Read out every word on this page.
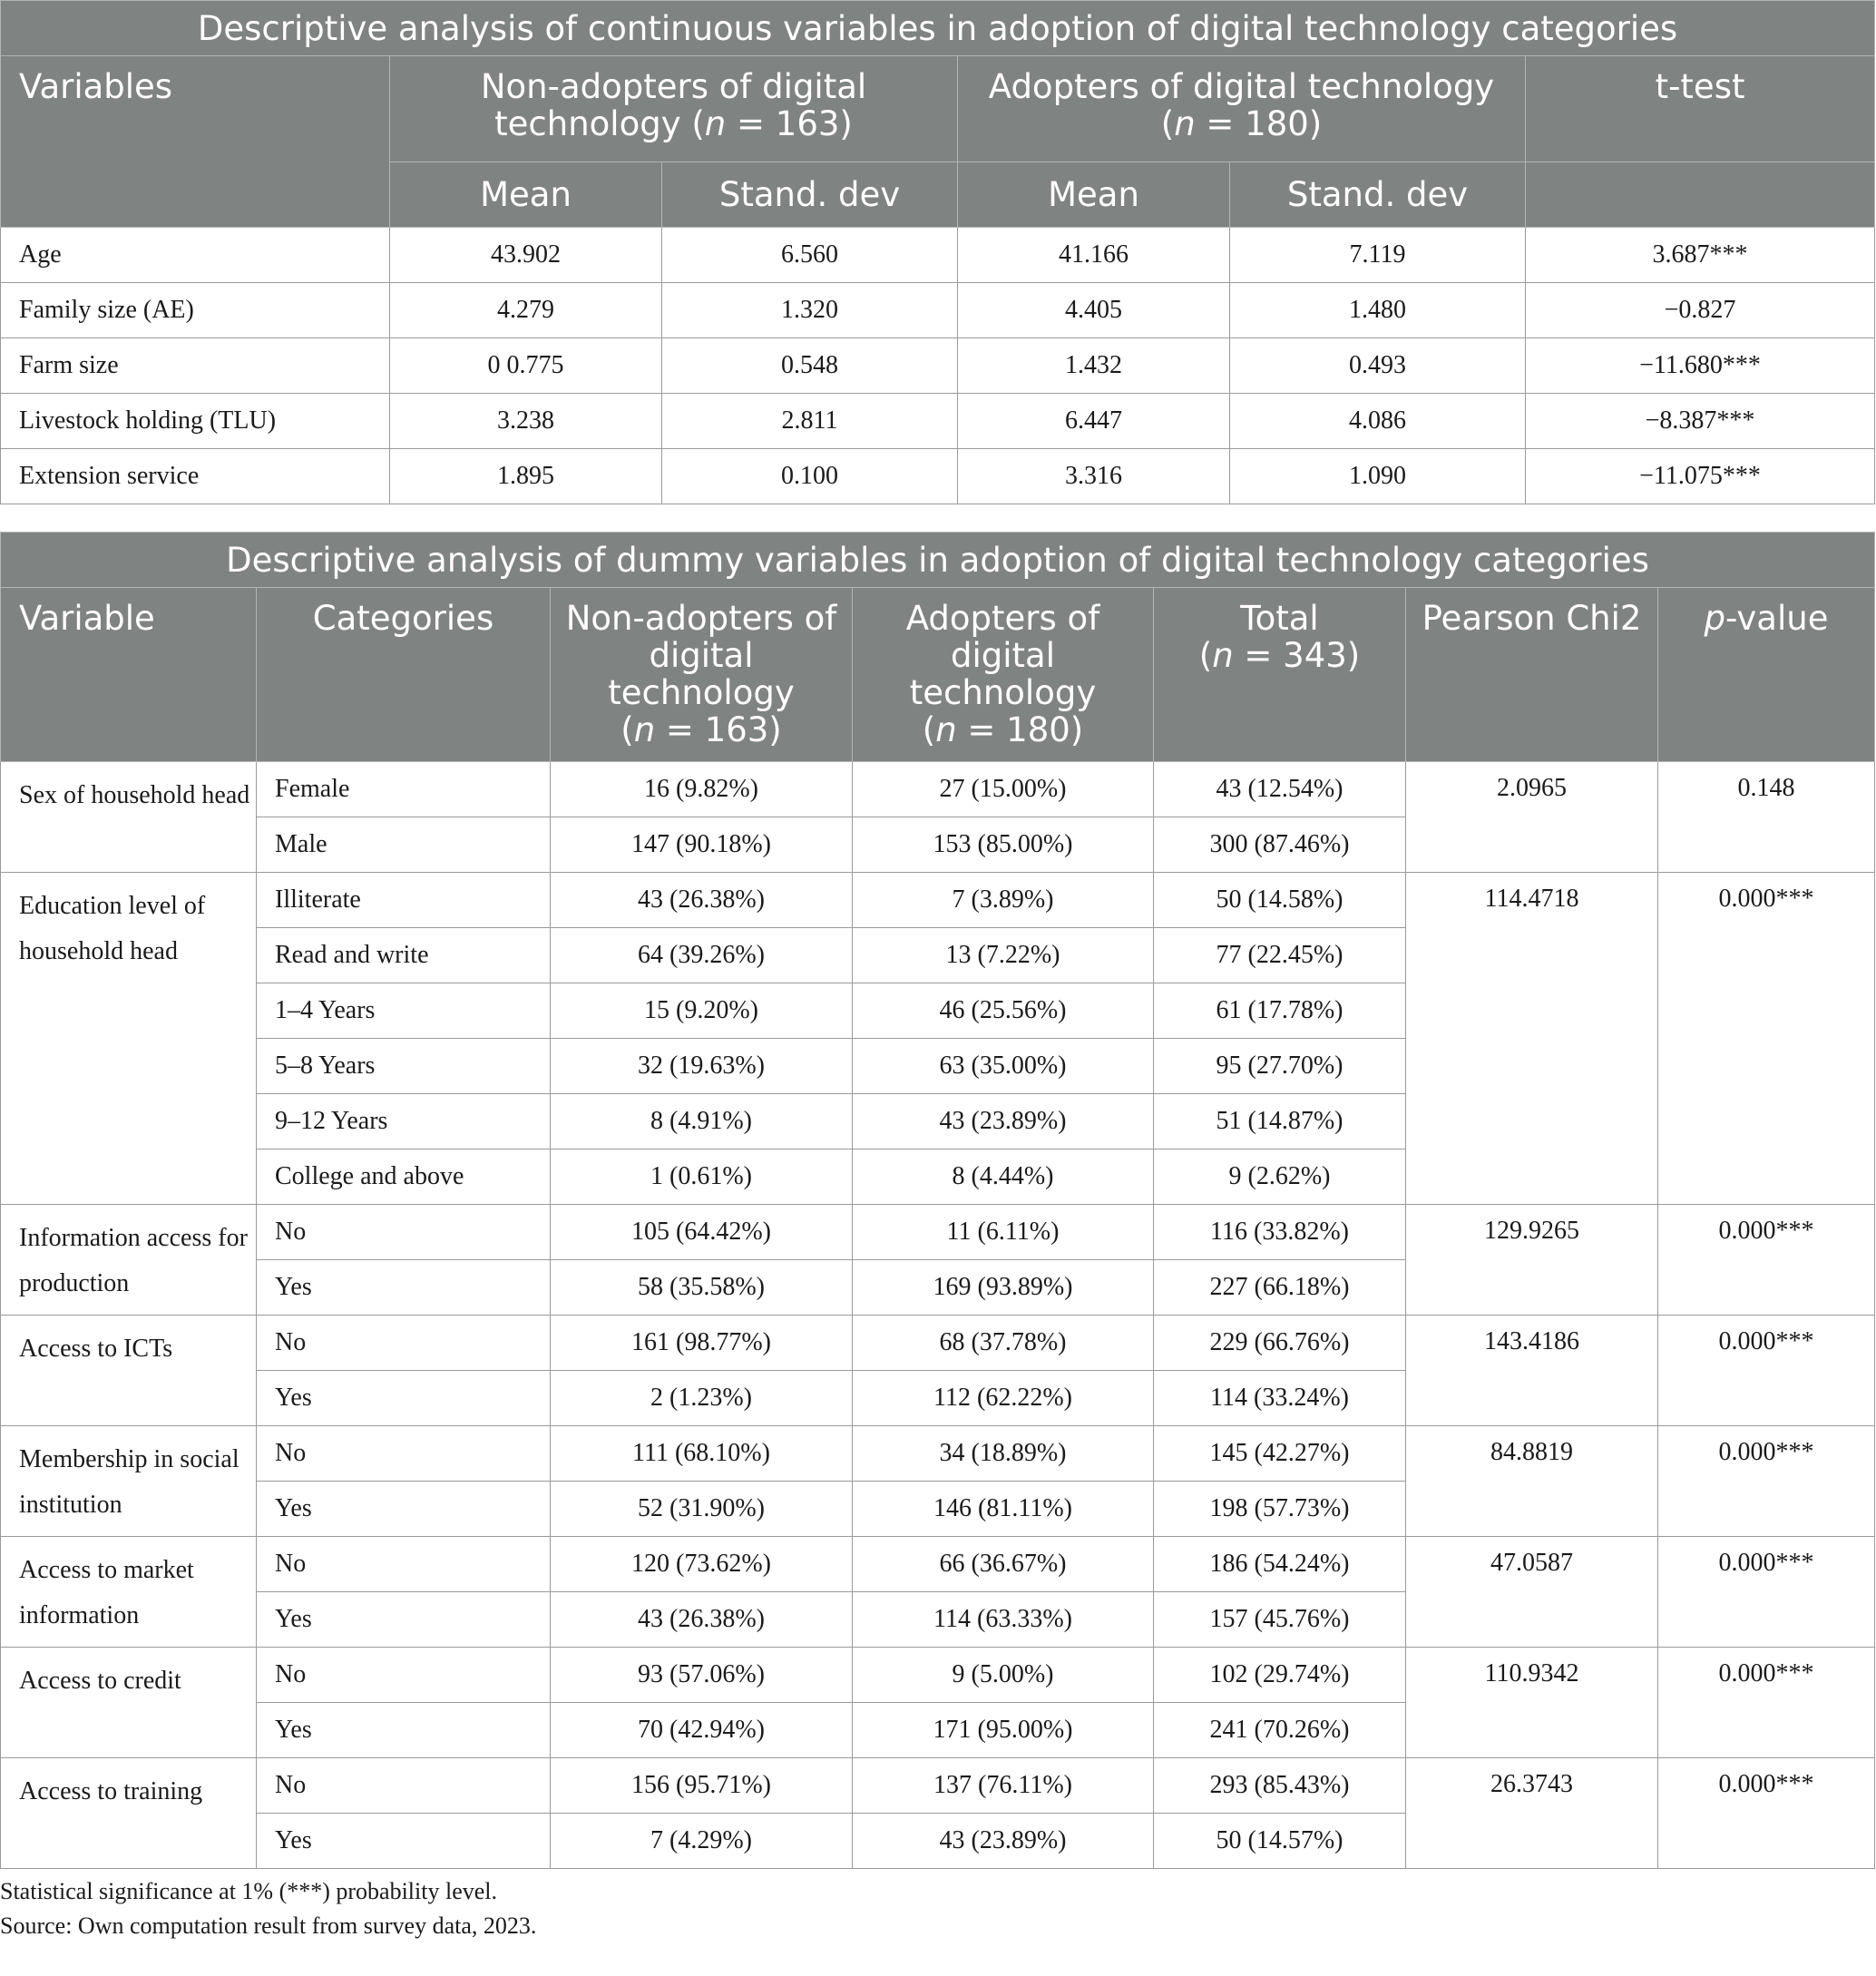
Descriptive analysis of continuous variables in adoption of digital technology categories					
Variables	Non-adopters of digital technology (n = 163)		Adopters of digital technology
(n = 180)		t-test
	Mean	Stand. dev	Mean	Stand. dev	
Age	43.902	6.560	41.166	7.119	3.687***
Family size (AE)	4.279	1.320	4.405	1.480	−0.827
Farm size	0 0.775	0.548	1.432	0.493	−11.680***
Livestock holding (TLU)	3.238	2.811	6.447	4.086	−8.387***
Extension service	1.895	0.100	3.316	1.090	−11.075***
Descriptive analysis of dummy variables in adoption of digital technology categories						
Variable	Categories	Non-adopters of
digital
technology
(n = 163)	Adopters of
digital
technology
(n = 180)	Total
(n = 343)	Pearson Chi2	p-value
Sex of household head	Female	16 (9.82%)	27 (15.00%)	43 (12.54%)	2.0965	0.148
	Male	147 (90.18%)	153 (85.00%)	300 (87.46%)		
Education level of household head	Illiterate	43 (26.38%)	7 (3.89%)	50 (14.58%)	114.4718	0.000***
	Read and write	64 (39.26%)	13 (7.22%)	77 (22.45%)		
	1–4 Years	15 (9.20%)	46 (25.56%)	61 (17.78%)		
	5–8 Years	32 (19.63%)	63 (35.00%)	95 (27.70%)		
	9–12 Years	8 (4.91%)	43 (23.89%)	51 (14.87%)		
	College and above	1 (0.61%)	8 (4.44%)	9 (2.62%)		
Information access for production	No	105 (64.42%)	11 (6.11%)	116 (33.82%)	129.9265	0.000***
	Yes	58 (35.58%)	169 (93.89%)	227 (66.18%)		
Access to ICTs	No	161 (98.77%)	68 (37.78%)	229 (66.76%)	143.4186	0.000***
	Yes	2 (1.23%)	112 (62.22%)	114 (33.24%)		
Membership in social institution	No	111 (68.10%)	34 (18.89%)	145 (42.27%)	84.8819	0.000***
	Yes	52 (31.90%)	146 (81.11%)	198 (57.73%)		
Access to market information	No	120 (73.62%)	66 (36.67%)	186 (54.24%)	47.0587	0.000***
	Yes	43 (26.38%)	114 (63.33%)	157 (45.76%)		
Access to credit	No	93 (57.06%)	9 (5.00%)	102 (29.74%)	110.9342	0.000***
	Yes	70 (42.94%)	171 (95.00%)	241 (70.26%)		
Access to training	No	156 (95.71%)	137 (76.11%)	293 (85.43%)	26.3743	0.000***
	Yes	7 (4.29%)	43 (23.89%)	50 (14.57%)		
Statistical significance at 1% (***) probability level.
Source: Own computation result from survey data, 2023.
